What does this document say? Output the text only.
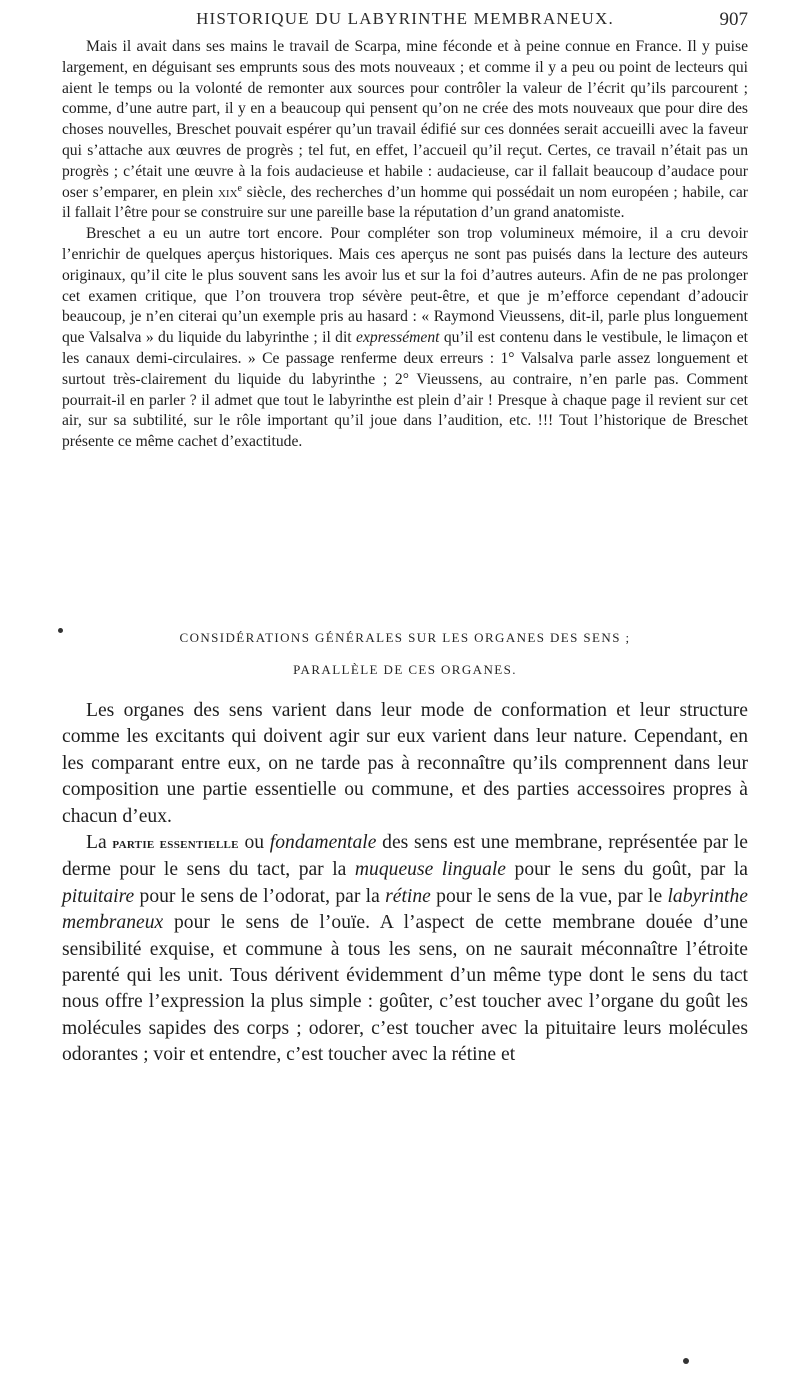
HISTORIQUE DU LABYRINTHE MEMBRANEUX.	907

Mais il avait dans ses mains le travail de Scarpa, mine féconde et à peine connue en France. Il y puise largement, en déguisant ses emprunts sous des mots nouveaux ; et comme il y a peu ou point de lecteurs qui aient le temps ou la volonté de remonter aux sources pour contrôler la valeur de l’écrit qu’ils parcourent ; comme, d’une autre part, il y en a beaucoup qui pensent qu’on ne crée des mots nouveaux que pour dire des choses nouvelles, Breschet pouvait espérer qu’un travail édifié sur ces données serait accueilli avec la faveur qui s’attache aux œuvres de progrès ; tel fut, en effet, l’accueil qu’il reçut. Certes, ce travail n’était pas un progrès ; c’était une œuvre à la fois audacieuse et habile : audacieuse, car il fallait beaucoup d’audace pour oser s’emparer, en plein xix$^e$ siècle, des recherches d’un homme qui possédait un nom européen ; habile, car il fallait l’être pour se construire sur une pareille base la réputation d’un grand anatomiste.

Breschet a eu un autre tort encore. Pour compléter son trop volumineux mémoire, il a cru devoir l’enrichir de quelques aperçus historiques. Mais ces aperçus ne sont pas puisés dans la lecture des auteurs originaux, qu’il cite le plus souvent sans les avoir lus et sur la foi d’autres auteurs. Afin de ne pas prolonger cet examen critique, que l’on trouvera trop sévère peut-être, et que je m’efforce cependant d’adoucir beaucoup, je n’en citerai qu’un exemple pris au hasard : « Raymond Vieussens, dit-il, parle plus longuement que Valsalva » du liquide du labyrinthe ; il dit expressément qu’il est contenu dans le vestibule, le limaçon et les canaux demi-circulaires. » Ce passage renferme deux erreurs : 1° Valsalva parle assez longuement et surtout très-clairement du liquide du labyrinthe ; 2° Vieussens, au contraire, n’en parle pas. Comment pourrait-il en parler ? il admet que tout le labyrinthe est plein d’air ! Presque à chaque page il revient sur cet air, sur sa subtilité, sur le rôle important qu’il joue dans l’audition, etc. !!! Tout l’historique de Breschet présente ce même cachet d’exactitude.

CONSIDÉRATIONS GÉNÉRALES SUR LES ORGANES DES SENS ;
PARALLÈLE DE CES ORGANES.

Les organes des sens varient dans leur mode de conformation et leur structure comme les excitants qui doivent agir sur eux varient dans leur nature. Cependant, en les comparant entre eux, on ne tarde pas à reconnaître qu’ils comprennent dans leur composition une partie essentielle ou commune, et des parties accessoires propres à chacun d’eux.

La partie essentielle ou fondamentale des sens est une membrane, représentée par le derme pour le sens du tact, par la muqueuse linguale pour le sens du goût, par la pituitaire pour le sens de l’odorat, par la rétine pour le sens de la vue, par le labyrinthe membraneux pour le sens de l’ouïe. A l’aspect de cette membrane douée d’une sensibilité exquise, et commune à tous les sens, on ne saurait méconnaître l’étroite parenté qui les unit. Tous dérivent évidemment d’un même type dont le sens du tact nous offre l’expression la plus simple : goûter, c’est toucher avec l’organe du goût les molécules sapides des corps ; odorer, c’est toucher avec la pituitaire leurs molécules odorantes ; voir et entendre, c’est toucher avec la rétine et
